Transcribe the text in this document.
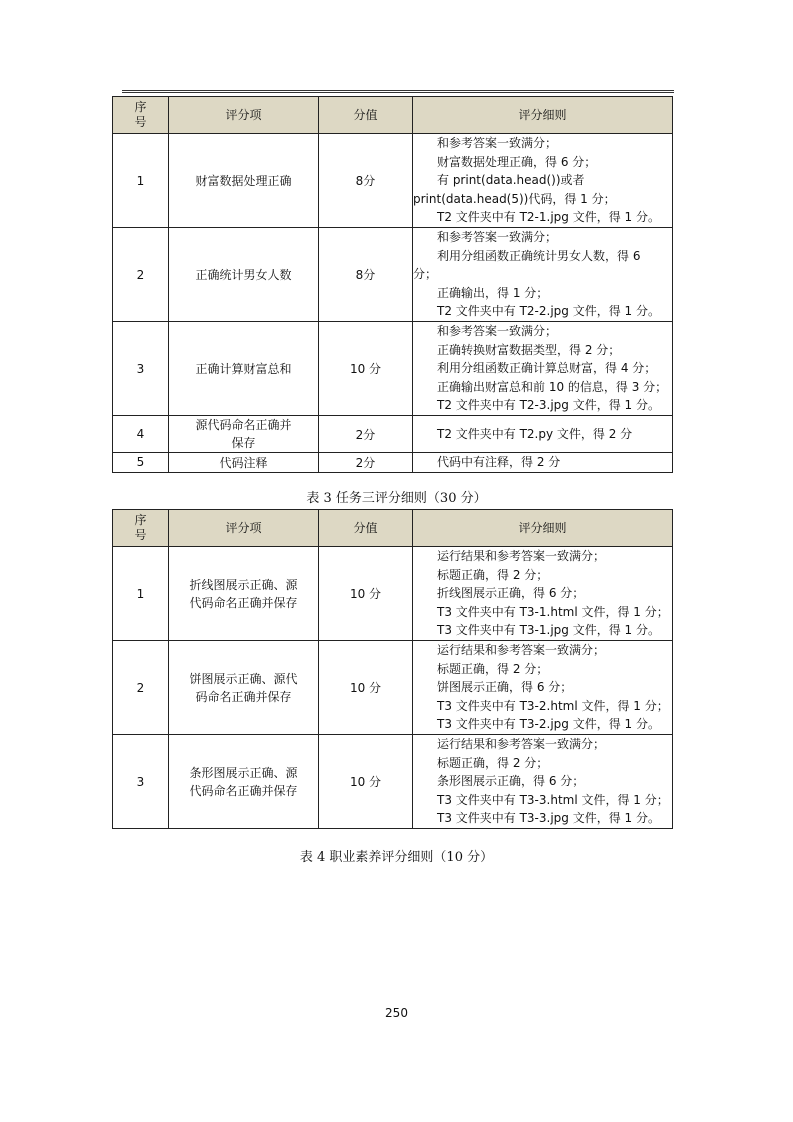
序
号	评分项	分值	评分细则
1	财富数据处理正确	8分	和参考答案一致满分；
财富数据处理正确，得 6 分；
有 print(data.head())或者
print(data.head(5))代码，得 1 分；
T2 文件夹中有 T2-1.jpg 文件，得 1 分。

2	正确统计男女人数	8分	和参考答案一致满分；
利用分组函数正确统计男女人数，得 6
分；
正确输出，得 1 分；
T2 文件夹中有 T2-2.jpg 文件，得 1 分。

3	正确计算财富总和	10 分	和参考答案一致满分；
正确转换财富数据类型，得 2 分；
利用分组函数正确计算总财富，得 4 分；
正确输出财富总和前 10 的信息，得 3 分；
T2 文件夹中有 T2-3.jpg 文件，得 1 分。

4	源代码命名正确并
保存	2分	T2 文件夹中有 T2.py 文件，得 2 分

5	代码注释	2分	代码中有注释，得 2 分
表 3 任务三评分细则（30 分）
序
号	评分项	分值	评分细则
1	折线图展示正确、源
代码命名正确并保存	10 分	运行结果和参考答案一致满分；
标题正确，得 2 分；
折线图展示正确，得 6 分；
T3 文件夹中有 T3-1.html 文件，得 1 分；
T3 文件夹中有 T3-1.jpg 文件，得 1 分。

2	饼图展示正确、源代
码命名正确并保存	10 分	运行结果和参考答案一致满分；
标题正确，得 2 分；
饼图展示正确，得 6 分；
T3 文件夹中有 T3-2.html 文件，得 1 分；
T3 文件夹中有 T3-2.jpg 文件，得 1 分。

3	条形图展示正确、源
代码命名正确并保存	10 分	运行结果和参考答案一致满分；
标题正确，得 2 分；
条形图展示正确，得 6 分；
T3 文件夹中有 T3-3.html 文件，得 1 分；
T3 文件夹中有 T3-3.jpg 文件，得 1 分。
表 4 职业素养评分细则（10 分）
250
